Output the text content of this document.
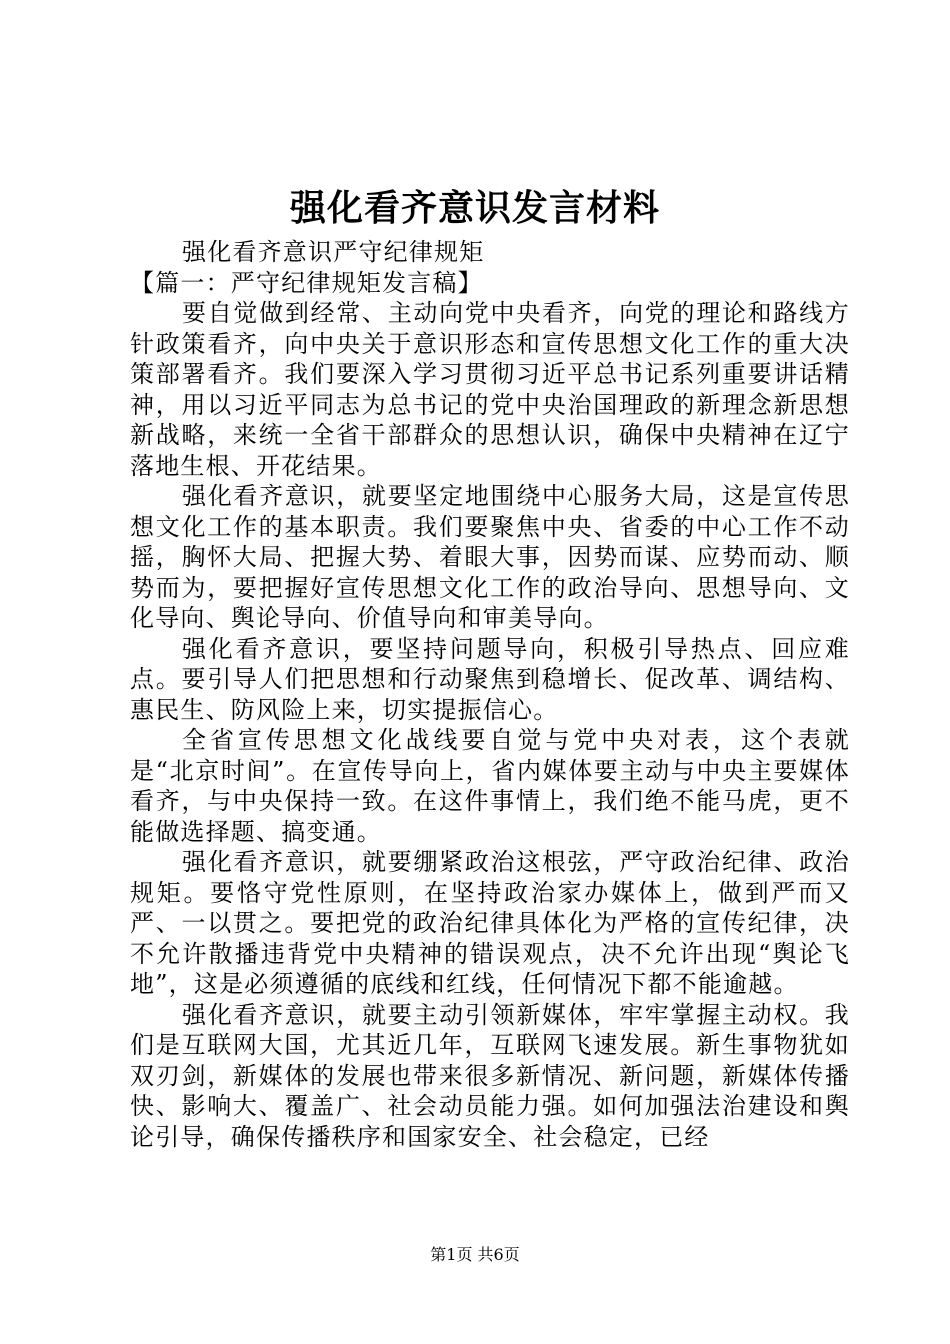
强化看齐意识发言材料

强化看齐意识严守纪律规矩

【篇一：严守纪律规矩发言稿】

要自觉做到经常、主动向党中央看齐，向党的理论和路线方针政策看齐，向中央关于意识形态和宣传思想文化工作的重大决策部署看齐。我们要深入学习贯彻习近平总书记系列重要讲话精神，用以习近平同志为总书记的党中央治国理政的新理念新思想新战略，来统一全省干部群众的思想认识，确保中央精神在辽宁落地生根、开花结果。

强化看齐意识，就要坚定地围绕中心服务大局，这是宣传思想文化工作的基本职责。我们要聚焦中央、省委的中心工作不动摇，胸怀大局、把握大势、着眼大事，因势而谋、应势而动、顺势而为，要把握好宣传思想文化工作的政治导向、思想导向、文化导向、舆论导向、价值导向和审美导向。

强化看齐意识，要坚持问题导向，积极引导热点、回应难点。要引导人们把思想和行动聚焦到稳增长、促改革、调结构、惠民生、防风险上来，切实提振信心。

全省宣传思想文化战线要自觉与党中央对表，这个表就是“北京时间”。在宣传导向上，省内媒体要主动与中央主要媒体看齐，与中央保持一致。在这件事情上，我们绝不能马虎，更不能做选择题、搞变通。

强化看齐意识，就要绷紧政治这根弦，严守政治纪律、政治规矩。要恪守党性原则，在坚持政治家办媒体上，做到严而又严、一以贯之。要把党的政治纪律具体化为严格的宣传纪律，决不允许散播违背党中央精神的错误观点，决不允许出现“舆论飞地”，这是必须遵循的底线和红线，任何情况下都不能逾越。

强化看齐意识，就要主动引领新媒体，牢牢掌握主动权。我们是互联网大国，尤其近几年，互联网飞速发展。新生事物犹如双刃剑，新媒体的发展也带来很多新情况、新问题，新媒体传播快、影响大、覆盖广、社会动员能力强。如何加强法治建设和舆论引导，确保传播秩序和国家安全、社会稳定，已经

第1页 共6页
